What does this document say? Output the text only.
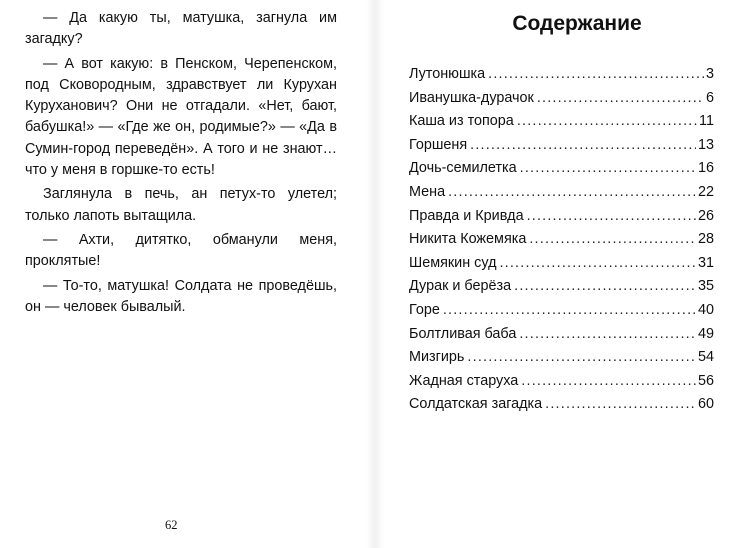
— Да какую ты, матушка, загнула им загадку?

— А вот какую: в Пенском, Черепенском, под Сковородным, здравствует ли Курухан Куруханович? Они не отгадали. «Нет, бают, бабушка!» — «Где же он, родимые?» — «Да в Сумин-город переведён». А того и не знают… что у меня в горшке-то есть!

Заглянула в печь, ан петух-то улетел; только лапоть вытащила.

— Ахти, дитятко, обманули меня, проклятые!

— То-то, матушка! Солдата не проведёшь, он — человек бывалый.

62
Содержание
Лутонюшка . . .	3
Иванушка-дурачок . . .	6
Каша из топора . . .	11
Горшеня . . .	13
Дочь-семилетка . . .	16
Мена . . .	22
Правда и Кривда . . .	26
Никита Кожемяка . . .	28
Шемякин суд . . .	31
Дурак и берёза . . .	35
Горе . . .	40
Болтливая баба . . .	49
Мизгирь . . .	54
Жадная старуха . . .	56
Солдатская загадка . . .	60
